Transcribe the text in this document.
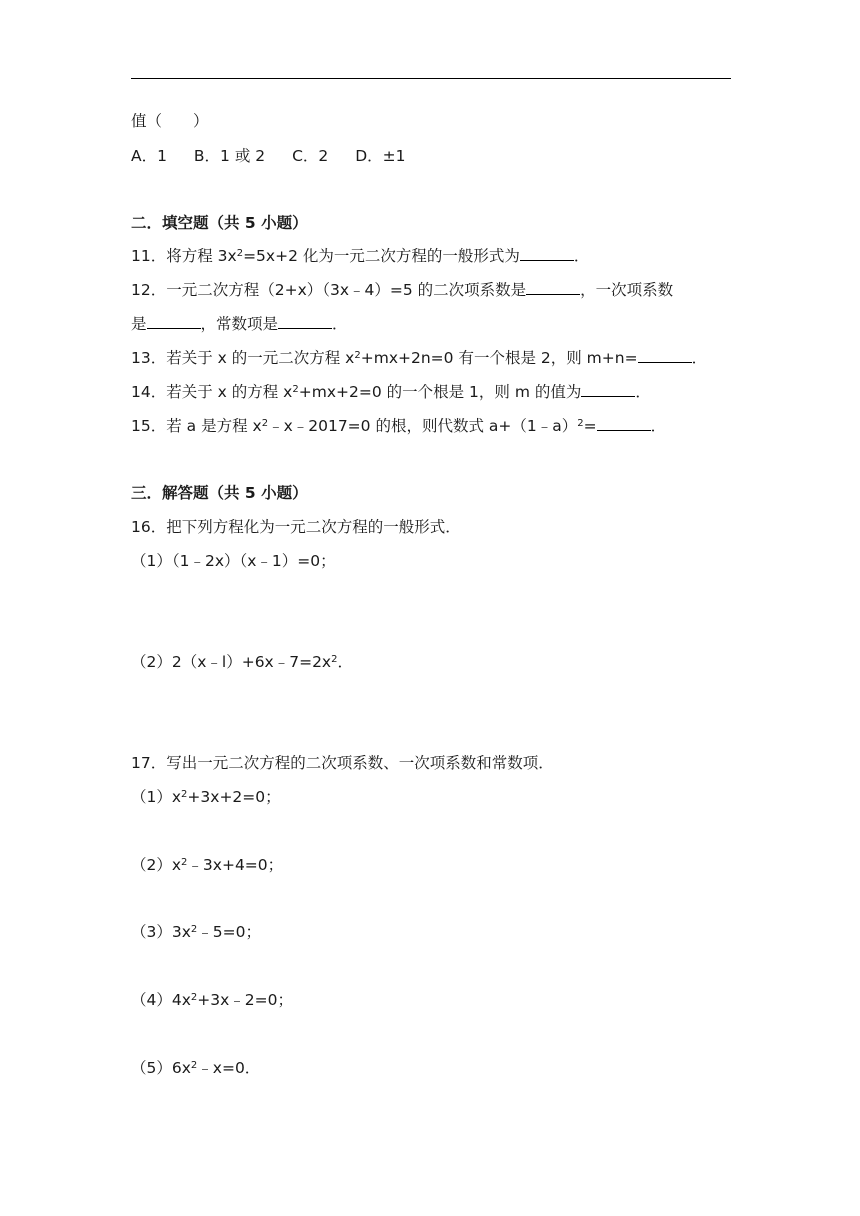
值（　　）
A．1 B．1 或 2 C．2 D．±1
二．填空题（共 5 小题）
11．将方程 $3x^2=5x+2$ 化为一元二次方程的一般形式为	．
12．一元二次方程（2+x）（3x﹣4）=5 的二次项系数是	，一次项系数
是	，常数项是	．
13．若关于 x 的一元二次方程 $x^2+mx+2n=0$ 有一个根是 2，则 m+n=	．
14．若关于 x 的方程 $x^2+mx+2=0$ 的一个根是 1，则 m 的值为	．
15．若 a 是方程 $x^2﹣x﹣2017=0$ 的根，则代数式 a+（1﹣a）$^2$=	．
三．解答题（共 5 小题）
16．把下列方程化为一元二次方程的一般形式．
（1）（1﹣2x）（x﹣1）=0；
$(2)2(x﹣l)+6x﹣7=2x^2$．
17．写出一元二次方程的二次项系数、一次项系数和常数项．
$(1)x^2+3x+2=0$；
$(2)x^2﹣3x+4=0$；
$(3)3x^2﹣5=0$；
$(4)4x^2+3x﹣2=0$；
$(5)6x^2﹣x=0$．
